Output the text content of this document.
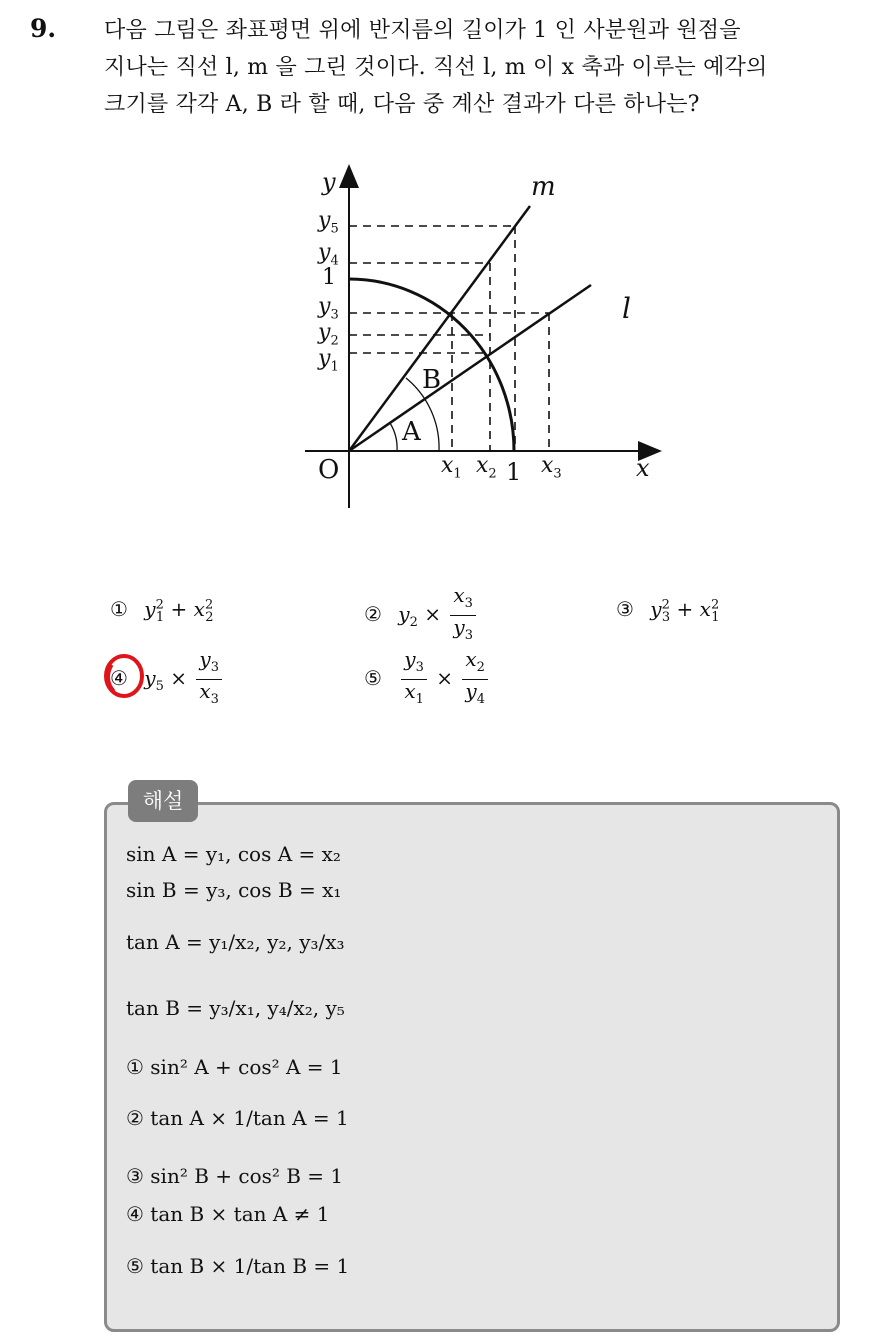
9. 다음 그림은 좌표평면 위에 반지름의 길이가 1 인 사분원과 원점을
지나는 직선 l, m 을 그린 것이다. 직선 l, m 이 x 축과 이루는 예각의
크기를 각각 A, B 라 할 때, 다음 중 계산 결과가 다른 하나는?
y
x
O
m
l
1
1
A
B
$y_5$
$y_4$
$y_3$
$y_2$
$y_1$
$x_1$ $x_2$ $x_3$
① $y^2_1 + x^2_2$	② $y_2 \times \frac{x_3}{y_3}$	③ $y^2_3 + x^2_1$
④ $y_5 \times \frac{y_3}{x_3}$	⑤ $\frac{y_3}{x_1} \times \frac{x_2}{y_4}$
해설
sin A = y₁, cos A = x₂
sin B = y₃, cos B = x₁
tan A = y₁/x₂, y₂, y₃/x₃
tan B = y₃/x₁, y₄/x₂, y₅
① sin² A + cos² A = 1
② tan A × 1/tan A = 1
③ sin² B + cos² B = 1
④ tan B × tan A ≠ 1
⑤ tan B × 1/tan B = 1
